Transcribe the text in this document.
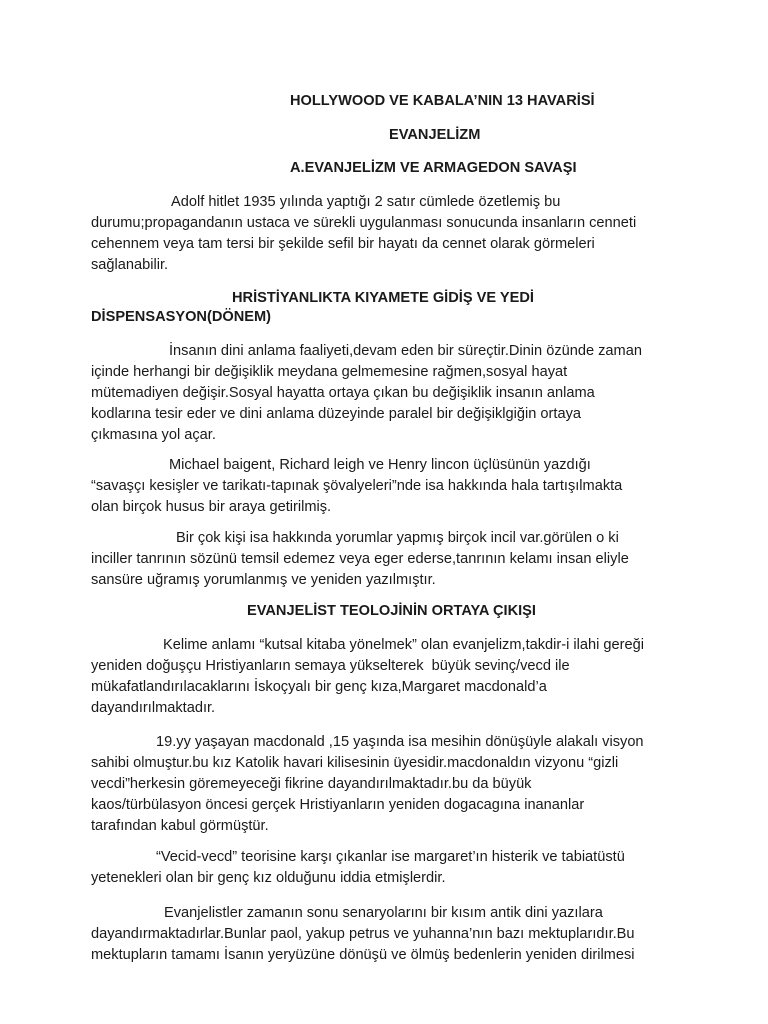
HOLLYWOOD VE KABALA’NIN 13 HAVARİSİ
EVANJELİZM
A.EVANJELİZM VE ARMAGEDON SAVAŞI
Adolf hitlet 1935 yılında yaptığı 2 satır cümlede özetlemiş bu
durumu;propagandanın ustaca ve sürekli uygulanması sonucunda insanların cenneti
cehennem veya tam tersi bir şekilde sefil bir hayatı da cennet olarak görmeleri
sağlanabilir.
HRİSTİYANLIKTA KIYAMETE GİDİŞ VE YEDİ
DİSPENSASYON(DÖNEM)
İnsanın dini anlama faaliyeti,devam eden bir süreçtir.Dinin özünde zaman
içinde herhangi bir değişiklik meydana gelmemesine rağmen,sosyal hayat
mütemadiyen değişir.Sosyal hayatta ortaya çıkan bu değişiklik insanın anlama
kodlarına tesir eder ve dini anlama düzeyinde paralel bir değişiklgiğin ortaya
çıkmasına yol açar.
Michael baigent, Richard leigh ve Henry lincon üçlüsünün yazdığı
“savaşçı kesişler ve tarikatı-tapınak şövalyeleri”nde isa hakkında hala tartışılmakta
olan birçok husus bir araya getirilmiş.
Bir çok kişi isa hakkında yorumlar yapmış birçok incil var.görülen o ki
inciller tanrının sözünü temsil edemez veya eger ederse,tanrının kelamı insan eliyle
sansüre uğramış yorumlanmış ve yeniden yazılmıştır.
EVANJELİST TEOLOJİNİN ORTAYA ÇIKIŞI
Kelime anlamı “kutsal kitaba yönelmek” olan evanjelizm,takdir-i ilahi gereği
yeniden doğuşçu Hristiyanların semaya yükselterek  büyük sevinç/vecd ile
mükafatlandırılacaklarını İskoçyalı bir genç kıza,Margaret macdonald’a
dayandırılmaktadır.
19.yy yaşayan macdonald ,15 yaşında isa mesihin dönüşüyle alakalı visyon
sahibi olmuştur.bu kız Katolik havari kilisesinin üyesidir.macdonaldın vizyonu “gizli
vecdi”herkesin göremeyeceği fikrine dayandırılmaktadır.bu da büyük
kaos/türbülasyon öncesi gerçek Hristiyanların yeniden dogacagına inananlar
tarafından kabul görmüştür.
“Vecid-vecd” teorisine karşı çıkanlar ise margaret’ın histerik ve tabiatüstü
yetenekleri olan bir genç kız olduğunu iddia etmişlerdir.
Evanjelistler zamanın sonu senaryolarını bir kısım antik dini yazılara
dayandırmaktadırlar.Bunlar paol, yakup petrus ve yuhanna’nın bazı mektuplarıdır.Bu
mektupların tamamı İsanın yeryüzüne dönüşü ve ölmüş bedenlerin yeniden dirilmesi
